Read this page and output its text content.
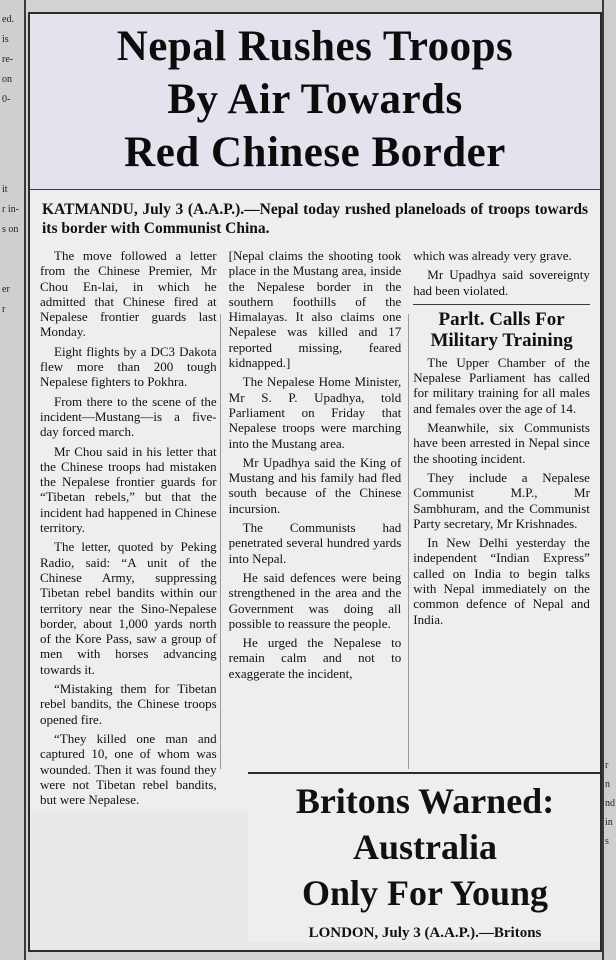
ed.
is
re-
on
0-
it
r in-
s on
er
r
r
n
nd
in
s
Nepal Rushes Troops
By Air Towards
Red Chinese Border
KATMANDU, July 3 (A.A.P.).—Nepal today rushed planeloads of troops towards its border with Communist China.

The move followed a letter from the Chinese Premier, Mr Chou En-lai, in which he admitted that Chinese fired at Nepalese frontier guards last Monday.

Eight flights by a DC3 Dakota flew more than 200 tough Nepalese fighters to Pokhra.

From there to the scene of the incident—Mustang—is a five-day forced march.

Mr Chou said in his letter that the Chinese troops had mistaken the Nepalese frontier guards for “Tibetan rebels,” but that the incident had happened in Chinese territory.

The letter, quoted by Peking Radio, said: “A unit of the Chinese Army, suppressing Tibetan rebel bandits within our territory near the Sino-Nepalese border, about 1,000 yards north of the Kore Pass, saw a group of men with horses advancing towards it.

“Mistaking them for Tibetan rebel bandits, the Chinese troops opened fire.

“They killed one man and captured 10, one of whom was wounded. Then it was found they were not Tibetan rebel bandits, but were Nepalese.

[Nepal claims the shooting took place in the Mustang area, inside the Nepalese border in the southern foothills of the Himalayas. It also claims one Nepalese was killed and 17 reported missing, feared kidnapped.]

The Nepalese Home Minister, Mr S. P. Upadhya, told Parliament on Friday that Nepalese troops were marching into the Mustang area.

Mr Upadhya said the King of Mustang and his family had fled south because of the Chinese incursion.

The Communists had penetrated several hundred yards into Nepal.

He said defences were being strengthened in the area and the Government was doing all possible to reassure the people.

He urged the Nepalese to remain calm and not to exaggerate the incident,

which was already very grave.

Mr Upadhya said sovereignty had been violated.

Parlt. Calls For Military Training

The Upper Chamber of the Nepalese Parliament has called for military training for all males and females over the age of 14.

Meanwhile, six Communists have been arrested in Nepal since the shooting incident.

They include a Nepalese Communist M.P., Mr Sambhuram, and the Communist Party secretary, Mr Krishnades.

In New Delhi yesterday the independent “Indian Express” called on India to begin talks with Nepal immediately on the common defence of Nepal and India.

Britons Warned:
Australia
Only For Young
LONDON, July 3 (A.A.P.).—Britons
